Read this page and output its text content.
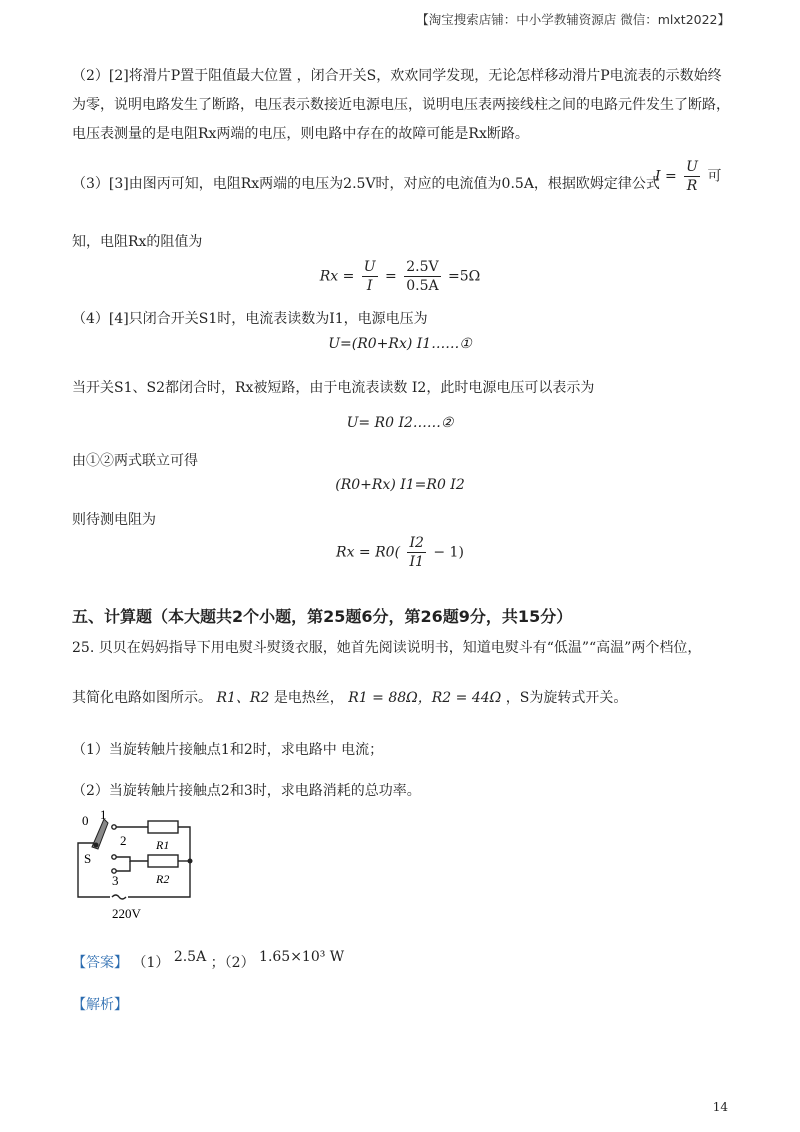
【淘宝搜索店铺：中小学教辅资源店 微信：mlxt2022】
（2）[2]将滑片P置于阻值最大位置 ，闭合开关S，欢欢同学发现，无论怎样移动滑片P电流表的示数始终为零，说明电路发生了断路，电压表示数接近电源电压，说明电压表两接线柱之间的电路元件发生了断路，电压表测量的是电阻Rx两端的电压，则电路中存在的故障可能是Rx断路。
（3）[3]由图丙可知，电阻Rx两端的电压为2.5V时，对应的电流值为0.5A，根据欧姆定律公式
$I = \frac{U}{R}$ 可
知，电阻Rx的阻值为
$Rx = \frac{U}{I} = \frac{2.5V}{0.5A} =5\Omega$
（4）[4]只闭合开关S1时，电流表读数为I1，电源电压为
U=(R0+Rx) I1……①
当开关S1、S2都闭合时，Rx被短路，由于电流表读数 I2，此时电源电压可以表示为
U= R0 I2……②
由①②两式联立可得
(R0+Rx) I1=R0 I2
则待测电阻为
$Rx = R0( \frac{I2}{I1} - 1)$
五、计算题（本大题共2个小题，第25题6分，第26题9分，共15分）
25. 贝贝在妈妈指导下用电熨斗熨烫衣服，她首先阅读说明书，知道电熨斗有“低温”“高温”两个档位，
其简化电路如图所示。 R1、R2 是电热丝， R1 = 88Ω，R2 = 44Ω ，S为旋转式开关。
（1）当旋转触片接触点1和2时，求电路中 电流；
（2）当旋转触片接触点2和3时，求电路消耗的总功率。
0 1
2
3
S
R1
R2
220V
【答案】 （1） 2.5A ；（2） 1.65×10³ W
【解析】
14
